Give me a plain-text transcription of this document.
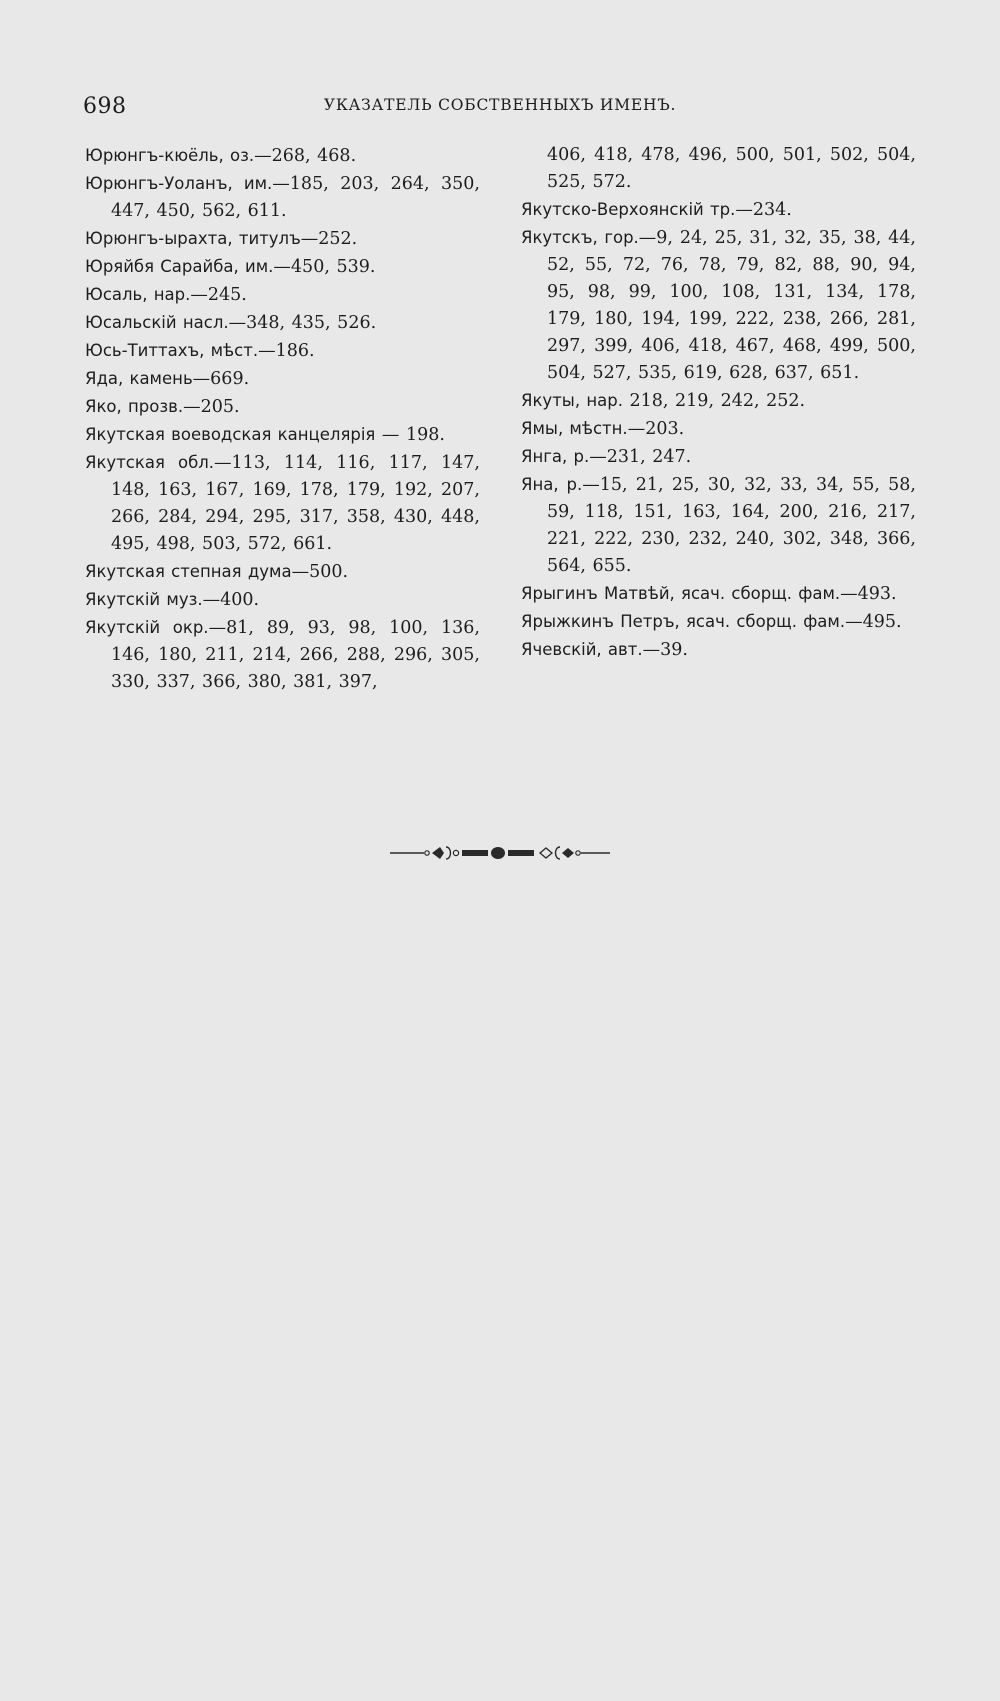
698	УКАЗАТЕЛЬ СОБСТВЕННЫХЪ ИМЕНЪ.
Юрюнгъ-кюёль, оз.—268, 468.
Юрюнгъ-Уоланъ, им.—185, 203, 264, 350, 447, 450, 562, 611.
Юрюнгъ-ырахта, титулъ—252.
Юряйбя Сарайба, им.—450, 539.
Юсаль, нар.—245.
Юсальскій насл.—348, 435, 526.
Юсь-Титтахъ, мѣст.—186.
Яда, камень—669.
Яко, прозв.—205.
Якутская воеводская канцелярія — 198.
Якутская обл.—113, 114, 116, 117, 147, 148, 163, 167, 169, 178, 179, 192, 207, 266, 284, 294, 295, 317, 358, 430, 448, 495, 498, 503, 572, 661.
Якутская степная дума—500.
Якутскій муз.—400.
Якутскій окр.—81, 89, 93, 98, 100, 136, 146, 180, 211, 214, 266, 288, 296, 305, 330, 337, 366, 380, 381, 397,
406, 418, 478, 496, 500, 501, 502, 504, 525, 572.
Якутско-Верхоянскій тр.—234.
Якутскъ, гор.—9, 24, 25, 31, 32, 35, 38, 44, 52, 55, 72, 76, 78, 79, 82, 88, 90, 94, 95, 98, 99, 100, 108, 131, 134, 178, 179, 180, 194, 199, 222, 238, 266, 281, 297, 399, 406, 418, 467, 468, 499, 500, 504, 527, 535, 619, 628, 637, 651.
Якуты, нар. 218, 219, 242, 252.
Ямы, мѣстн.—203.
Янга, р.—231, 247.
Яна, р.—15, 21, 25, 30, 32, 33, 34, 55, 58, 59, 118, 151, 163, 164, 200, 216, 217, 221, 222, 230, 232, 240, 302, 348, 366, 564, 655.
Ярыгинъ Матвѣй, ясач. сборщ. фам.—493.
Ярыжкинъ Петръ, ясач. сборщ. фам.—495.
Ячевскій, авт.—39.
